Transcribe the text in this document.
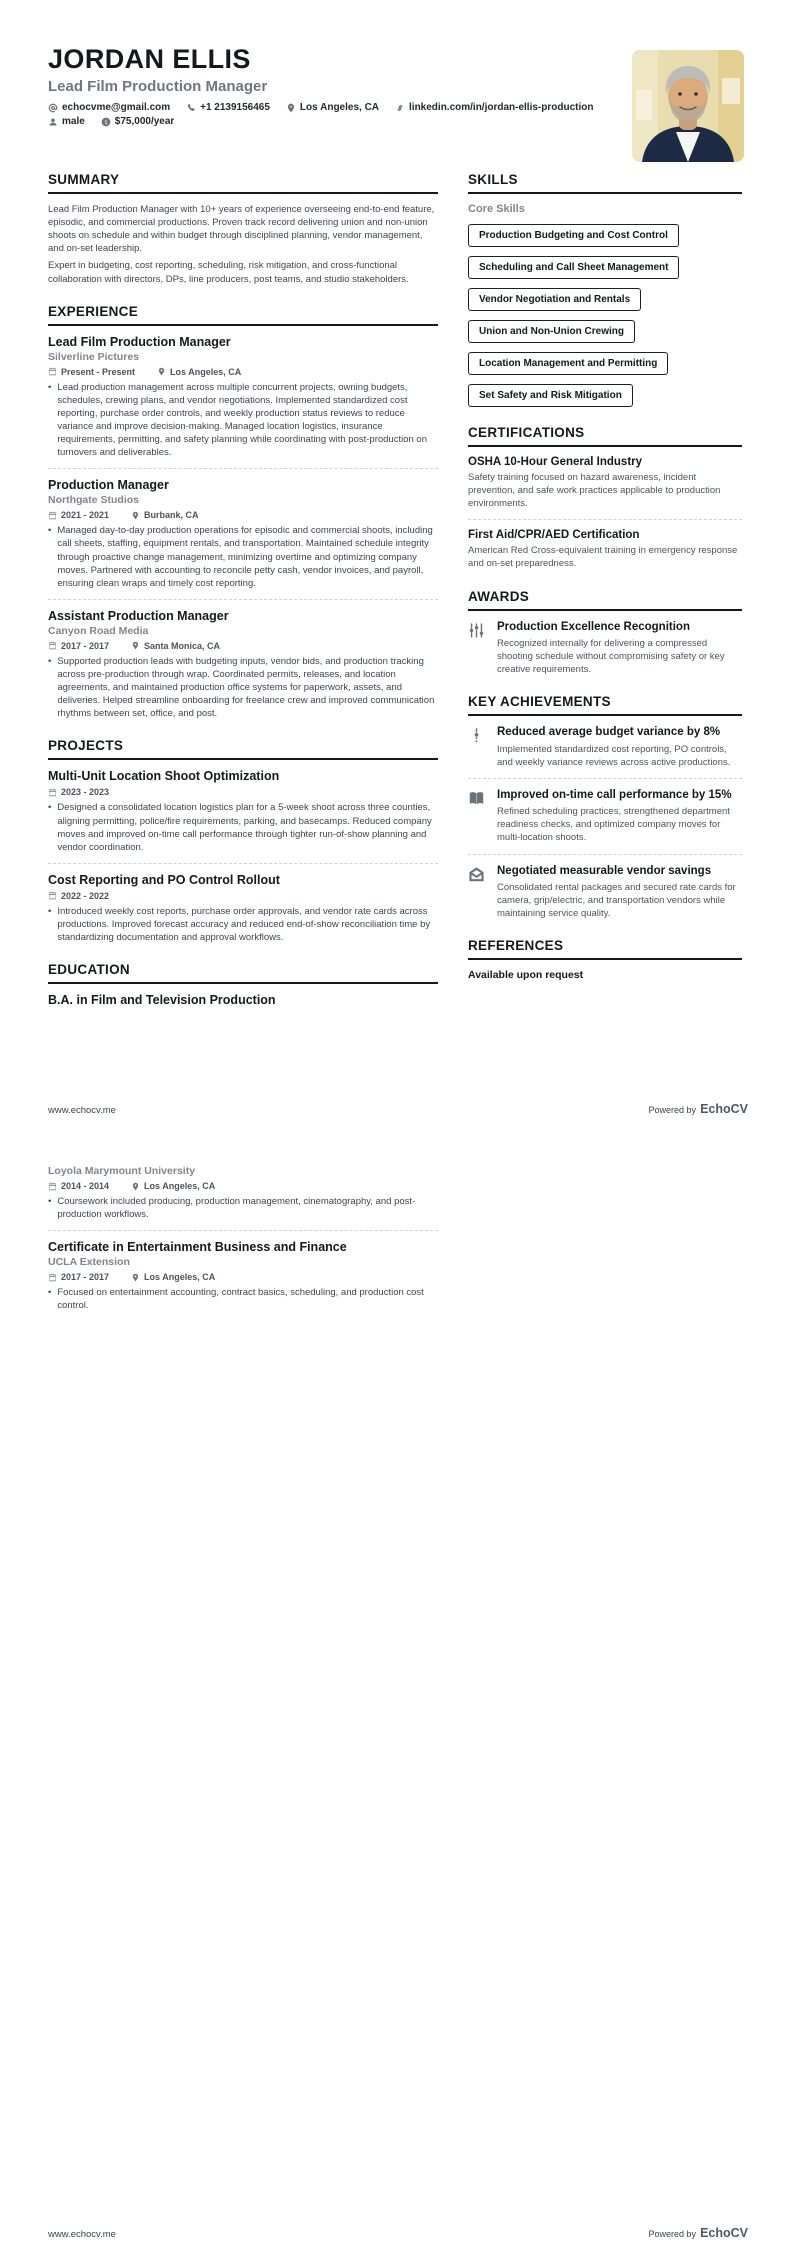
JORDAN ELLIS
Lead Film Production Manager
echocvme@gmail.com	+1 2139156465	Los Angeles, CA	linkedin.com/in/jordan-ellis-production
male	$75,000/year
SUMMARY

Lead Film Production Manager with 10+ years of experience overseeing end-to-end feature, episodic, and commercial productions. Proven track record delivering union and non-union shoots on schedule and within budget through disciplined planning, vendor management, and on-set leadership.

Expert in budgeting, cost reporting, scheduling, risk mitigation, and cross-functional collaboration with directors, DPs, line producers, post teams, and studio stakeholders.

EXPERIENCE
Lead Film Production Manager
Silverline Pictures
Present - Present	Los Angeles, CA
•
Lead production management across multiple concurrent projects, owning budgets, schedules, crewing plans, and vendor negotiations. Implemented standardized cost reporting, purchase order controls, and weekly production status reviews to reduce variance and improve decision-making. Managed location logistics, insurance requirements, permitting, and safety planning while coordinating with post-production on turnovers and deliverables.
Production Manager
Northgate Studios
2021 - 2021	Burbank, CA
•
Managed day-to-day production operations for episodic and commercial shoots, including call sheets, staffing, equipment rentals, and transportation. Maintained schedule integrity through proactive change management, minimizing overtime and optimizing company moves. Partnered with accounting to reconcile petty cash, vendor invoices, and payroll, ensuring clean wraps and timely cost reporting.
Assistant Production Manager
Canyon Road Media
2017 - 2017	Santa Monica, CA
•
Supported production leads with budgeting inputs, vendor bids, and production tracking across pre-production through wrap. Coordinated permits, releases, and location agreements, and maintained production office systems for paperwork, assets, and deliveries. Helped streamline onboarding for freelance crew and improved communication rhythms between set, office, and post.
PROJECTS
Multi-Unit Location Shoot Optimization
2023 - 2023
•
Designed a consolidated location logistics plan for a 5-week shoot across three counties, aligning permitting, police/fire requirements, parking, and basecamps. Reduced company moves and improved on-time call performance through tighter run-of-show planning and vendor coordination.
Cost Reporting and PO Control Rollout
2022 - 2022
•
Introduced weekly cost reports, purchase order approvals, and vendor rate cards across productions. Improved forecast accuracy and reduced end-of-show reconciliation time by standardizing documentation and approval workflows.
EDUCATION
B.A. in Film and Television Production
SKILLS
Core Skills
Production Budgeting and Cost Control
Scheduling and Call Sheet Management
Vendor Negotiation and Rentals
Union and Non-Union Crewing
Location Management and Permitting
Set Safety and Risk Mitigation
CERTIFICATIONS
OSHA 10-Hour General Industry
Safety training focused on hazard awareness, incident prevention, and safe work practices applicable to production environments.
First Aid/CPR/AED Certification
American Red Cross-equivalent training in emergency response and on-set preparedness.
AWARDS
Production Excellence Recognition
Recognized internally for delivering a compressed shooting schedule without compromising safety or key creative requirements.
KEY ACHIEVEMENTS
Reduced average budget variance by 8%
Implemented standardized cost reporting, PO controls, and weekly variance reviews across active productions.
Improved on-time call performance by 15%
Refined scheduling practices, strengthened department readiness checks, and optimized company moves for multi-location shoots.
Negotiated measurable vendor savings
Consolidated rental packages and secured rate cards for camera, grip/electric, and transportation vendors while maintaining service quality.
REFERENCES
Available upon request
www.echocv.me	Powered by EchoCV
Loyola Marymount University
2014 - 2014	Los Angeles, CA
•
Coursework included producing, production management, cinematography, and post-production workflows.
Certificate in Entertainment Business and Finance
UCLA Extension
2017 - 2017	Los Angeles, CA
•
Focused on entertainment accounting, contract basics, scheduling, and production cost control.
www.echocv.me	Powered by EchoCV
